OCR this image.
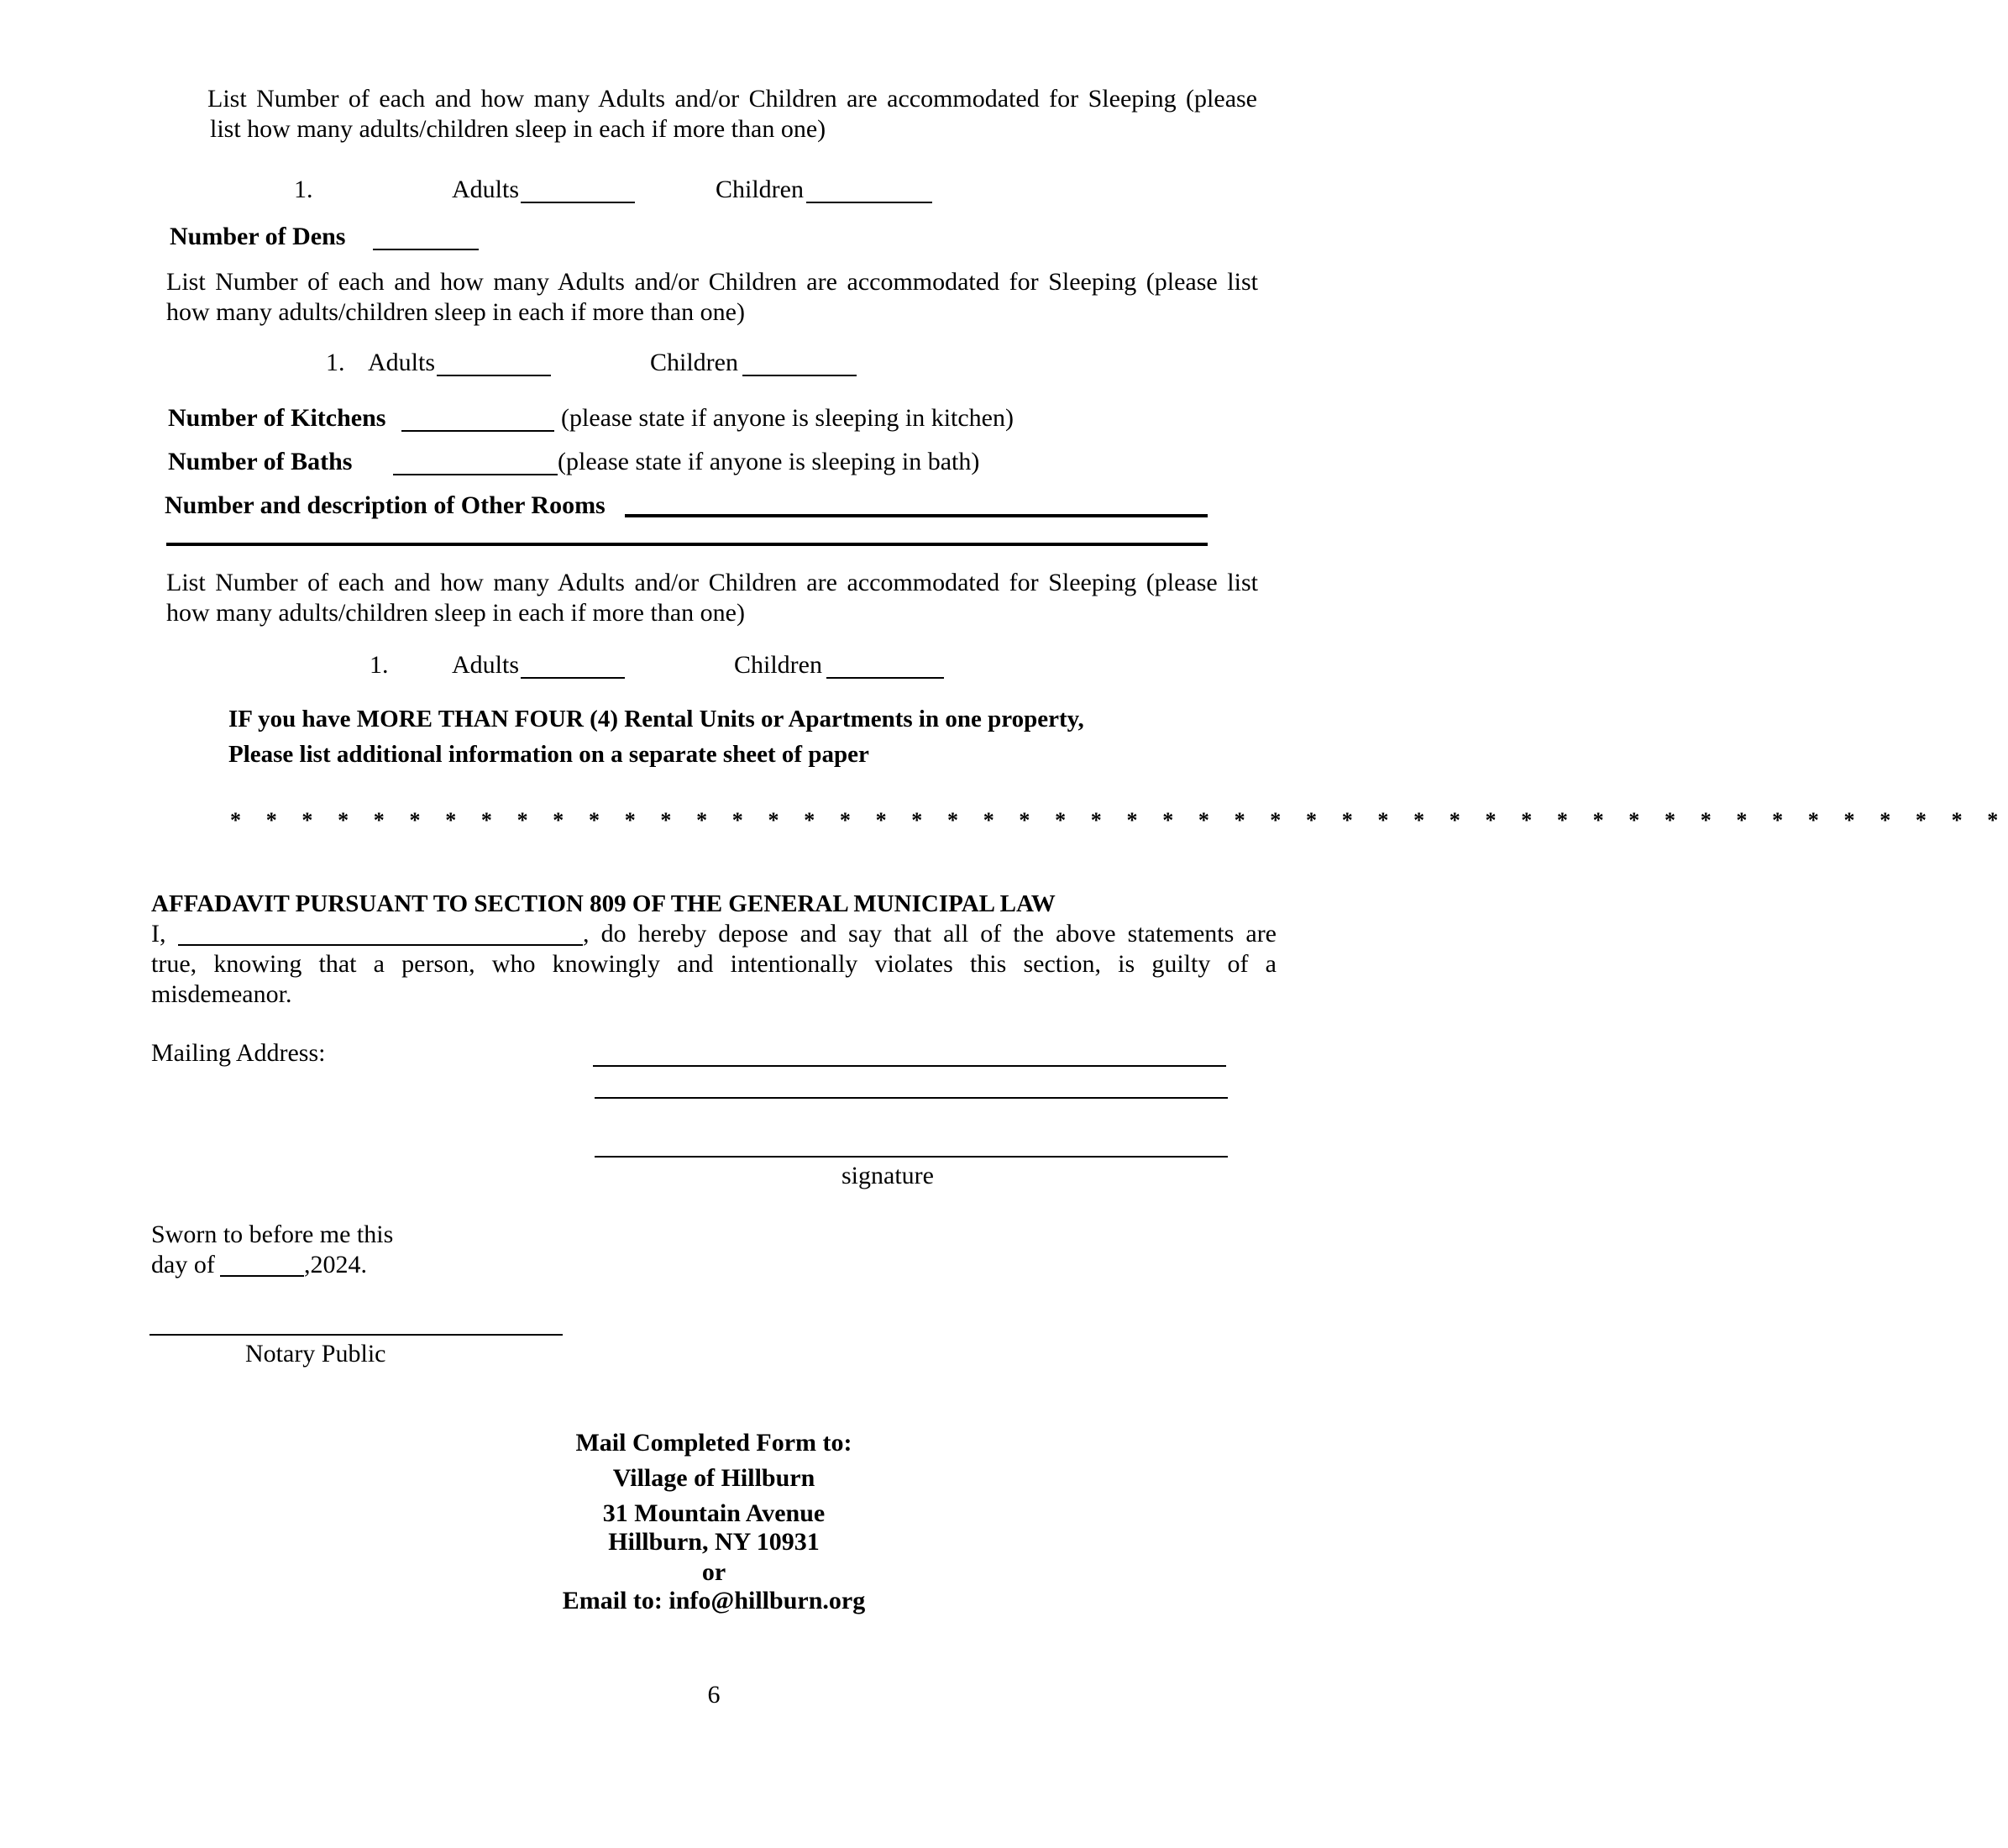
List Number of each and how many Adults and/or Children are accommodated for Sleeping (please
list how many adults/children sleep in each if more than one)
1.	Adults	Children
Number of Dens
List Number of each and how many Adults and/or Children are accommodated for Sleeping (please list
how many adults/children sleep in each if more than one)
1. Adults	Children
Number of Kitchens	(please state if anyone is sleeping in kitchen)
Number of Baths	(please state if anyone is sleeping in bath)
Number and description of Other Rooms
List Number of each and how many Adults and/or Children are accommodated for Sleeping (please list
how many adults/children sleep in each if more than one)
1.	Adults	Children
IF you have MORE THAN FOUR (4) Rental Units or Apartments in one property,
Please list additional information on a separate sheet of paper
* * * * * * * * * * * * * * * * * * * * * * * * * * * * * * * * * * * * * * * * * * * * * * * * * *
AFFADAVIT PURSUANT TO SECTION 809 OF THE GENERAL MUNICIPAL LAW
I,	, do hereby depose and say that all of the above statements are
true, knowing that a person, who knowingly and intentionally violates this section, is guilty of a
misdemeanor.
Mailing Address:
signature
Sworn to before me this
day of	,2024.
Notary Public
Mail Completed Form to:
Village of Hillburn
31 Mountain Avenue
Hillburn, NY 10931
or
Email to: info@hillburn.org
6
